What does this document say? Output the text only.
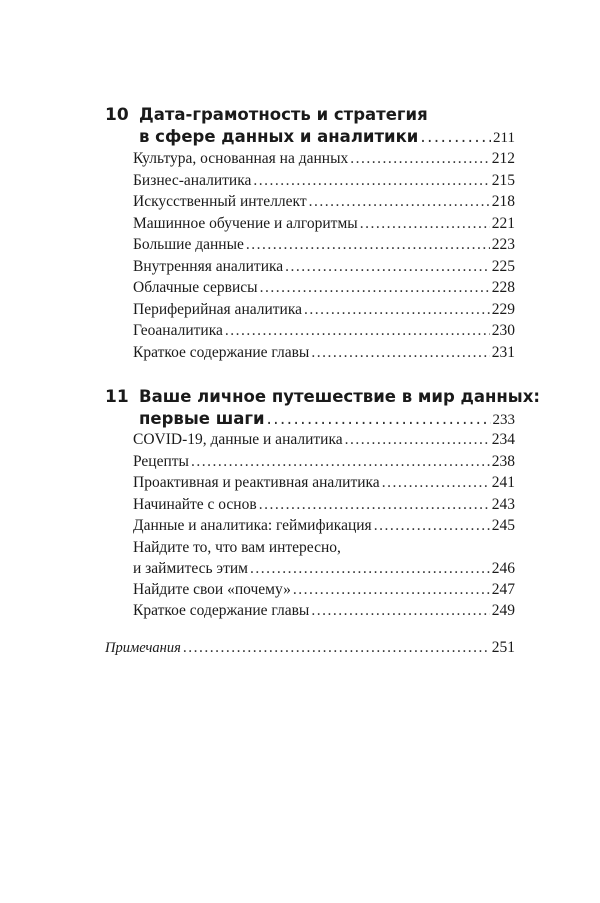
10 Дата-грамотность и стратегия
в сфере данных и аналитики .....	211
Культура, основанная на данных .....	212
Бизнес-аналитика .....	215
Искусственный интеллект .....	218
Машинное обучение и алгоритмы .....	221
Большие данные .....	223
Внутренняя аналитика .....	225
Облачные сервисы .....	228
Периферийная аналитика .....	229
Геоаналитика .....	230
Краткое содержание главы .....	231
11 Ваше личное путешествие в мир данных:
первые шаги .....	233
COVID-19, данные и аналитика .....	234
Рецепты .....	238
Проактивная и реактивная аналитика .....	241
Начинайте с основ .....	243
Данные и аналитика: геймификация .....	245
Найдите то, что вам интересно,
и займитесь этим .....	246
Найдите свои «почему» .....	247
Краткое содержание главы .....	249
Примечания .....	251
